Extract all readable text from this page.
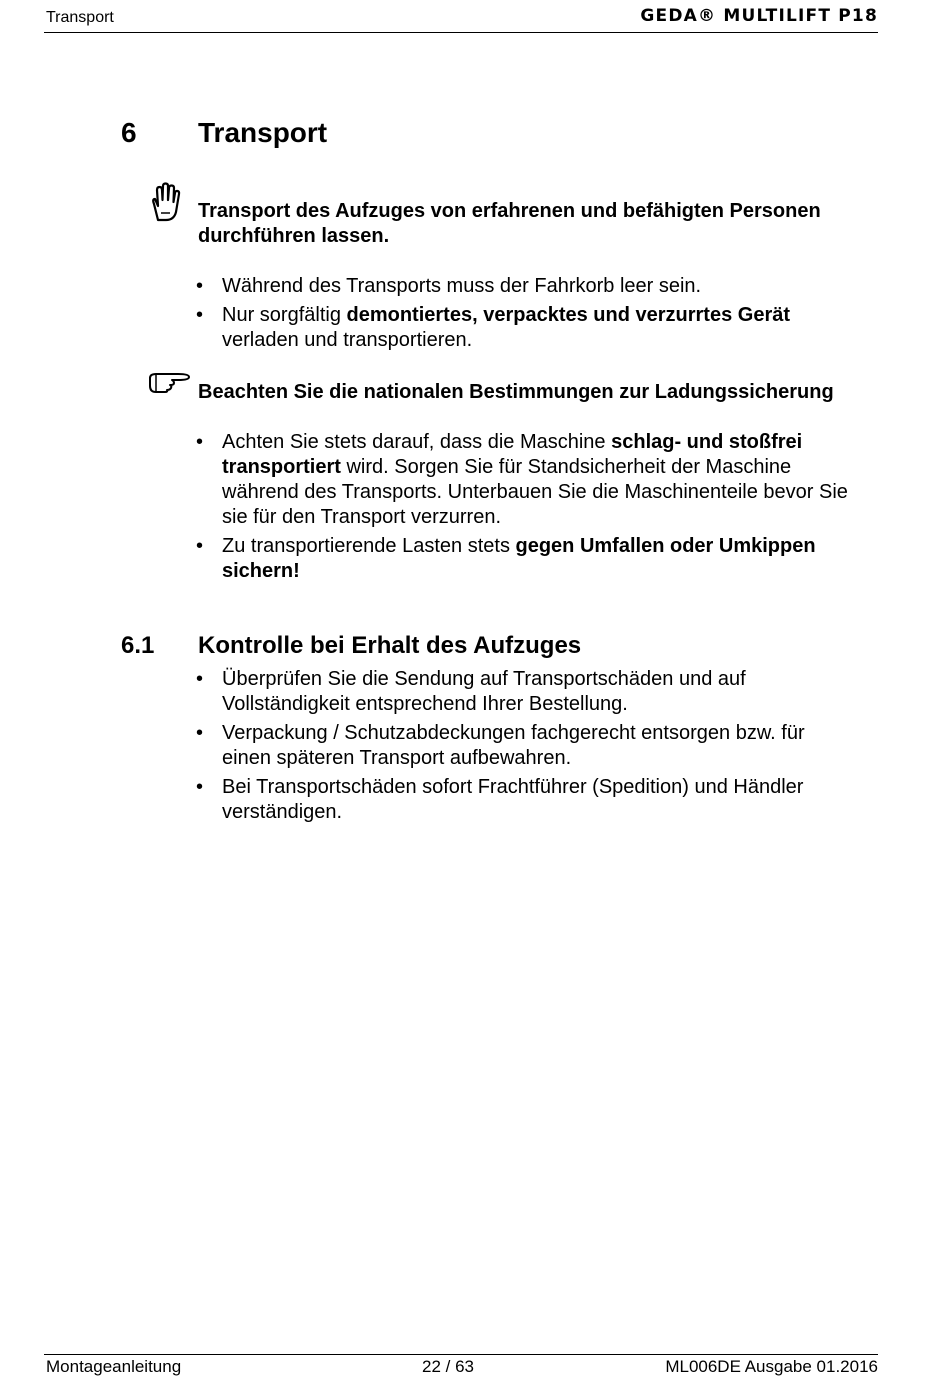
Transport	GEDA® MULTILIFT P18
6 Transport
Transport des Aufzuges von erfahrenen und befähigten Personen durchführen lassen.
• Während des Transports muss der Fahrkorb leer sein.
• Nur sorgfältig demontiertes, verpacktes und verzurrtes Gerät verladen und transportieren.
Beachten Sie die nationalen Bestimmungen zur Ladungssicherung
• Achten Sie stets darauf, dass die Maschine schlag- und stoßfrei transportiert wird. Sorgen Sie für Standsicherheit der Maschine während des Transports. Unterbauen Sie die Maschinenteile bevor Sie sie für den Transport verzurren.
• Zu transportierende Lasten stets gegen Umfallen oder Umkippen sichern!
6.1 Kontrolle bei Erhalt des Aufzuges
• Überprüfen Sie die Sendung auf Transportschäden und auf Vollständigkeit entsprechend Ihrer Bestellung.
• Verpackung / Schutzabdeckungen fachgerecht entsorgen bzw. für einen späteren Transport aufbewahren.
• Bei Transportschäden sofort Frachtführer (Spedition) und Händler verständigen.
Montageanleitung	22 / 63	ML006DE Ausgabe 01.2016
